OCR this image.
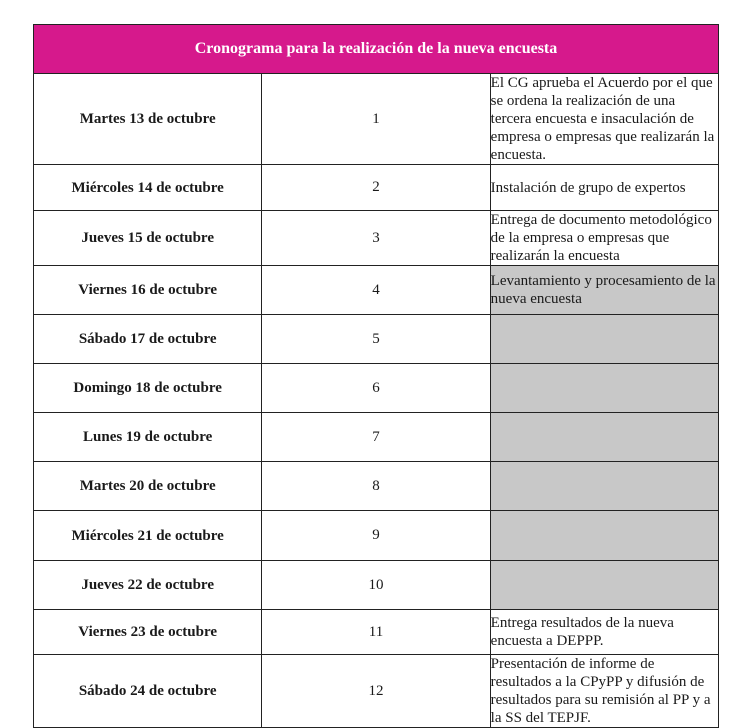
Cronograma para la realización de la nueva encuesta		
Martes 13 de octubre	1	El CG aprueba el Acuerdo por el que se ordena la realización de una tercera encuesta e insaculación de empresa o empresas que realizarán la encuesta.
Miércoles 14 de octubre	2	Instalación de grupo de expertos
Jueves 15 de octubre	3	Entrega de documento metodológico de la empresa o empresas que realizarán la encuesta
Viernes 16 de octubre	4	Levantamiento y procesamiento de la nueva encuesta
Sábado 17 de octubre	5	
Domingo 18 de octubre	6	
Lunes 19 de octubre	7	
Martes 20 de octubre	8	
Miércoles 21 de octubre	9	
Jueves 22 de octubre	10	
Viernes 23 de octubre	11	Entrega resultados de la nueva encuesta a DEPPP.
Sábado 24 de octubre	12	Presentación de informe de resultados a la CPyPP y difusión de resultados para su remisión al PP y a la SS del TEPJF.
